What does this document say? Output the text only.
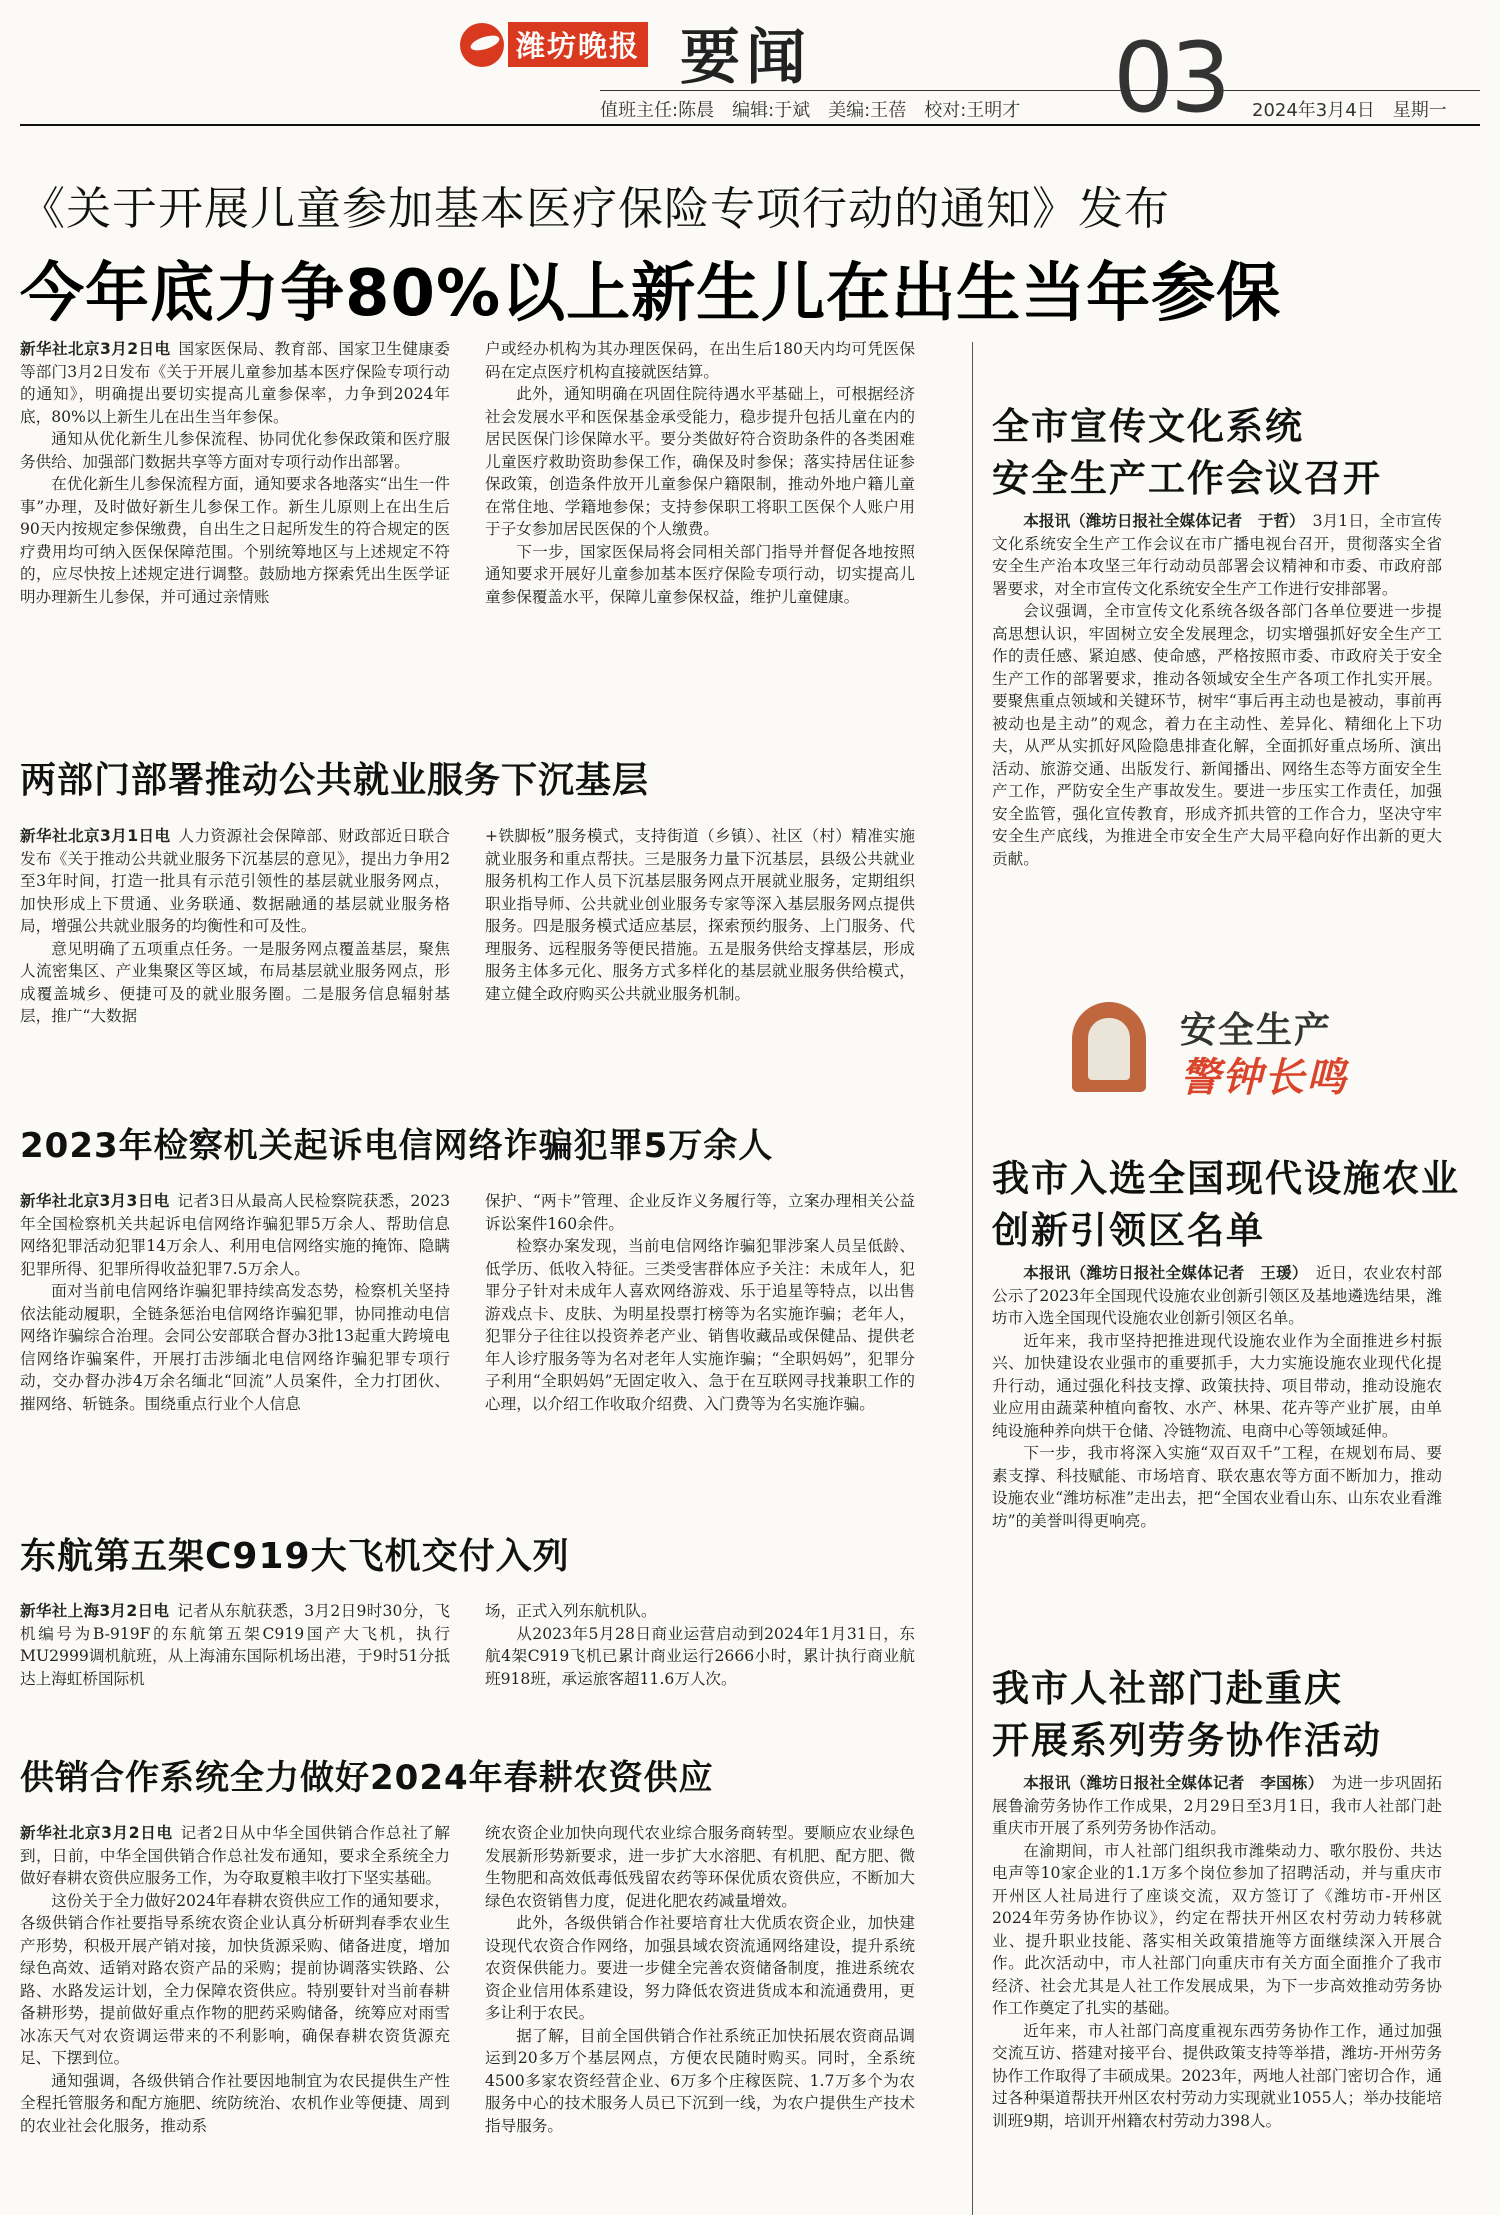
潍坊晚报 要闻	03
值班主任:陈晨　编辑:于斌　美编:王蓓　校对:王明才	2024年3月4日　星期一
《关于开展儿童参加基本医疗保险专项行动的通知》发布
今年底力争80%以上新生儿在出生当年参保

新华社北京3月2日电 国家医保局、教育部、国家卫生健康委等部门3月2日发布《关于开展儿童参加基本医疗保险专项行动的通知》，明确提出要切实提高儿童参保率，力争到2024年底，80%以上新生儿在出生当年参保。

通知从优化新生儿参保流程、协同优化参保政策和医疗服务供给、加强部门数据共享等方面对专项行动作出部署。

在优化新生儿参保流程方面，通知要求各地落实“出生一件事”办理，及时做好新生儿参保工作。新生儿原则上在出生后90天内按规定参保缴费，自出生之日起所发生的符合规定的医疗费用均可纳入医保保障范围。个别统筹地区与上述规定不符的，应尽快按上述规定进行调整。鼓励地方探索凭出生医学证明办理新生儿参保，并可通过亲情账

户或经办机构为其办理医保码，在出生后180天内均可凭医保码在定点医疗机构直接就医结算。

此外，通知明确在巩固住院待遇水平基础上，可根据经济社会发展水平和医保基金承受能力，稳步提升包括儿童在内的居民医保门诊保障水平。要分类做好符合资助条件的各类困难儿童医疗救助资助参保工作，确保及时参保；落实持居住证参保政策，创造条件放开儿童参保户籍限制，推动外地户籍儿童在常住地、学籍地参保；支持参保职工将职工医保个人账户用于子女参加居民医保的个人缴费。

下一步，国家医保局将会同相关部门指导并督促各地按照通知要求开展好儿童参加基本医疗保险专项行动，切实提高儿童参保覆盖水平，保障儿童参保权益，维护儿童健康。

两部门部署推动公共就业服务下沉基层

新华社北京3月1日电 人力资源社会保障部、财政部近日联合发布《关于推动公共就业服务下沉基层的意见》，提出力争用2至3年时间，打造一批具有示范引领性的基层就业服务网点，加快形成上下贯通、业务联通、数据融通的基层就业服务格局，增强公共就业服务的均衡性和可及性。

意见明确了五项重点任务。一是服务网点覆盖基层，聚焦人流密集区、产业集聚区等区域，布局基层就业服务网点，形成覆盖城乡、便捷可及的就业服务圈。二是服务信息辐射基层，推广“大数据

+铁脚板”服务模式，支持街道（乡镇）、社区（村）精准实施就业服务和重点帮扶。三是服务力量下沉基层，县级公共就业服务机构工作人员下沉基层服务网点开展就业服务，定期组织职业指导师、公共就业创业服务专家等深入基层服务网点提供服务。四是服务模式适应基层，探索预约服务、上门服务、代理服务、远程服务等便民措施。五是服务供给支撑基层，形成服务主体多元化、服务方式多样化的基层就业服务供给模式，建立健全政府购买公共就业服务机制。

2023年检察机关起诉电信网络诈骗犯罪5万余人

新华社北京3月3日电 记者3日从最高人民检察院获悉，2023年全国检察机关共起诉电信网络诈骗犯罪5万余人、帮助信息网络犯罪活动犯罪14万余人、利用电信网络实施的掩饰、隐瞒犯罪所得、犯罪所得收益犯罪7.5万余人。

面对当前电信网络诈骗犯罪持续高发态势，检察机关坚持依法能动履职，全链条惩治电信网络诈骗犯罪，协同推动电信网络诈骗综合治理。会同公安部联合督办3批13起重大跨境电信网络诈骗案件，开展打击涉缅北电信网络诈骗犯罪专项行动，交办督办涉4万余名缅北“回流”人员案件，全力打团伙、摧网络、斩链条。围绕重点行业个人信息

保护、“两卡”管理、企业反诈义务履行等，立案办理相关公益诉讼案件160余件。

检察办案发现，当前电信网络诈骗犯罪涉案人员呈低龄、低学历、低收入特征。三类受害群体应予关注：未成年人，犯罪分子针对未成年人喜欢网络游戏、乐于追星等特点，以出售游戏点卡、皮肤、为明星投票打榜等为名实施诈骗；老年人，犯罪分子往往以投资养老产业、销售收藏品或保健品、提供老年人诊疗服务等为名对老年人实施诈骗；“全职妈妈”，犯罪分子利用“全职妈妈”无固定收入、急于在互联网寻找兼职工作的心理，以介绍工作收取介绍费、入门费等为名实施诈骗。

东航第五架C919大飞机交付入列

新华社上海3月2日电 记者从东航获悉，3月2日9时30分，飞机编号为B-919F的东航第五架C919国产大飞机，执行MU2999调机航班，从上海浦东国际机场出港，于9时51分抵达上海虹桥国际机

场，正式入列东航机队。

从2023年5月28日商业运营启动到2024年1月31日，东航4架C919飞机已累计商业运行2666小时，累计执行商业航班918班，承运旅客超11.6万人次。

供销合作系统全力做好2024年春耕农资供应

新华社北京3月2日电 记者2日从中华全国供销合作总社了解到，日前，中华全国供销合作总社发布通知，要求全系统全力做好春耕农资供应服务工作，为夺取夏粮丰收打下坚实基础。

这份关于全力做好2024年春耕农资供应工作的通知要求，各级供销合作社要指导系统农资企业认真分析研判春季农业生产形势，积极开展产销对接，加快货源采购、储备进度，增加绿色高效、适销对路农资产品的采购；提前协调落实铁路、公路、水路发运计划，全力保障农资供应。特别要针对当前春耕备耕形势，提前做好重点作物的肥药采购储备，统筹应对雨雪冰冻天气对农资调运带来的不利影响，确保春耕农资货源充足、下摆到位。

通知强调，各级供销合作社要因地制宜为农民提供生产性全程托管服务和配方施肥、统防统治、农机作业等便捷、周到的农业社会化服务，推动系

统农资企业加快向现代农业综合服务商转型。要顺应农业绿色发展新形势新要求，进一步扩大水溶肥、有机肥、配方肥、微生物肥和高效低毒低残留农药等环保优质农资供应，不断加大绿色农资销售力度，促进化肥农药减量增效。

此外，各级供销合作社要培育壮大优质农资企业，加快建设现代农资合作网络，加强县域农资流通网络建设，提升系统农资保供能力。要进一步健全完善农资储备制度，推进系统农资企业信用体系建设，努力降低农资进货成本和流通费用，更多让利于农民。

据了解，目前全国供销合作社系统正加快拓展农资商品调运到20多万个基层网点，方便农民随时购买。同时，全系统4500多家农资经营企业、6万多个庄稼医院、1.7万多个为农服务中心的技术服务人员已下沉到一线，为农户提供生产技术指导服务。

全市宣传文化系统
安全生产工作会议召开

本报讯（潍坊日报社全媒体记者　于哲） 3月1日，全市宣传文化系统安全生产工作会议在市广播电视台召开，贯彻落实全省安全生产治本攻坚三年行动动员部署会议精神和市委、市政府部署要求，对全市宣传文化系统安全生产工作进行安排部署。

会议强调，全市宣传文化系统各级各部门各单位要进一步提高思想认识，牢固树立安全发展理念，切实增强抓好安全生产工作的责任感、紧迫感、使命感，严格按照市委、市政府关于安全生产工作的部署要求，推动各领域安全生产各项工作扎实开展。要聚焦重点领域和关键环节，树牢“事后再主动也是被动，事前再被动也是主动”的观念，着力在主动性、差异化、精细化上下功夫，从严从实抓好风险隐患排查化解，全面抓好重点场所、演出活动、旅游交通、出版发行、新闻播出、网络生态等方面安全生产工作，严防安全生产事故发生。要进一步压实工作责任，加强安全监管，强化宣传教育，形成齐抓共管的工作合力，坚决守牢安全生产底线，为推进全市安全生产大局平稳向好作出新的更大贡献。

安全生产
警钟长鸣
我市入选全国现代设施农业
创新引领区名单

本报讯（潍坊日报社全媒体记者　王瑗） 近日，农业农村部公示了2023年全国现代设施农业创新引领区及基地遴选结果，潍坊市入选全国现代设施农业创新引领区名单。

近年来，我市坚持把推进现代设施农业作为全面推进乡村振兴、加快建设农业强市的重要抓手，大力实施设施农业现代化提升行动，通过强化科技支撑、政策扶持、项目带动，推动设施农业应用由蔬菜种植向畜牧、水产、林果、花卉等产业扩展，由单纯设施种养向烘干仓储、冷链物流、电商中心等领域延伸。

下一步，我市将深入实施“双百双千”工程，在规划布局、要素支撑、科技赋能、市场培育、联农惠农等方面不断加力，推动设施农业“潍坊标准”走出去，把“全国农业看山东、山东农业看潍坊”的美誉叫得更响亮。

我市人社部门赴重庆
开展系列劳务协作活动

本报讯（潍坊日报社全媒体记者　李国栋） 为进一步巩固拓展鲁渝劳务协作工作成果，2月29日至3月1日，我市人社部门赴重庆市开展了系列劳务协作活动。

在渝期间，市人社部门组织我市潍柴动力、歌尔股份、共达电声等10家企业的1.1万多个岗位参加了招聘活动，并与重庆市开州区人社局进行了座谈交流，双方签订了《潍坊市-开州区2024年劳务协作协议》，约定在帮扶开州区农村劳动力转移就业、提升职业技能、落实相关政策措施等方面继续深入开展合作。此次活动中，市人社部门向重庆市有关方面全面推介了我市经济、社会尤其是人社工作发展成果，为下一步高效推动劳务协作工作奠定了扎实的基础。

近年来，市人社部门高度重视东西劳务协作工作，通过加强交流互访、搭建对接平台、提供政策支持等举措，潍坊-开州劳务协作工作取得了丰硕成果。2023年，两地人社部门密切合作，通过各种渠道帮扶开州区农村劳动力实现就业1055人；举办技能培训班9期，培训开州籍农村劳动力398人。
